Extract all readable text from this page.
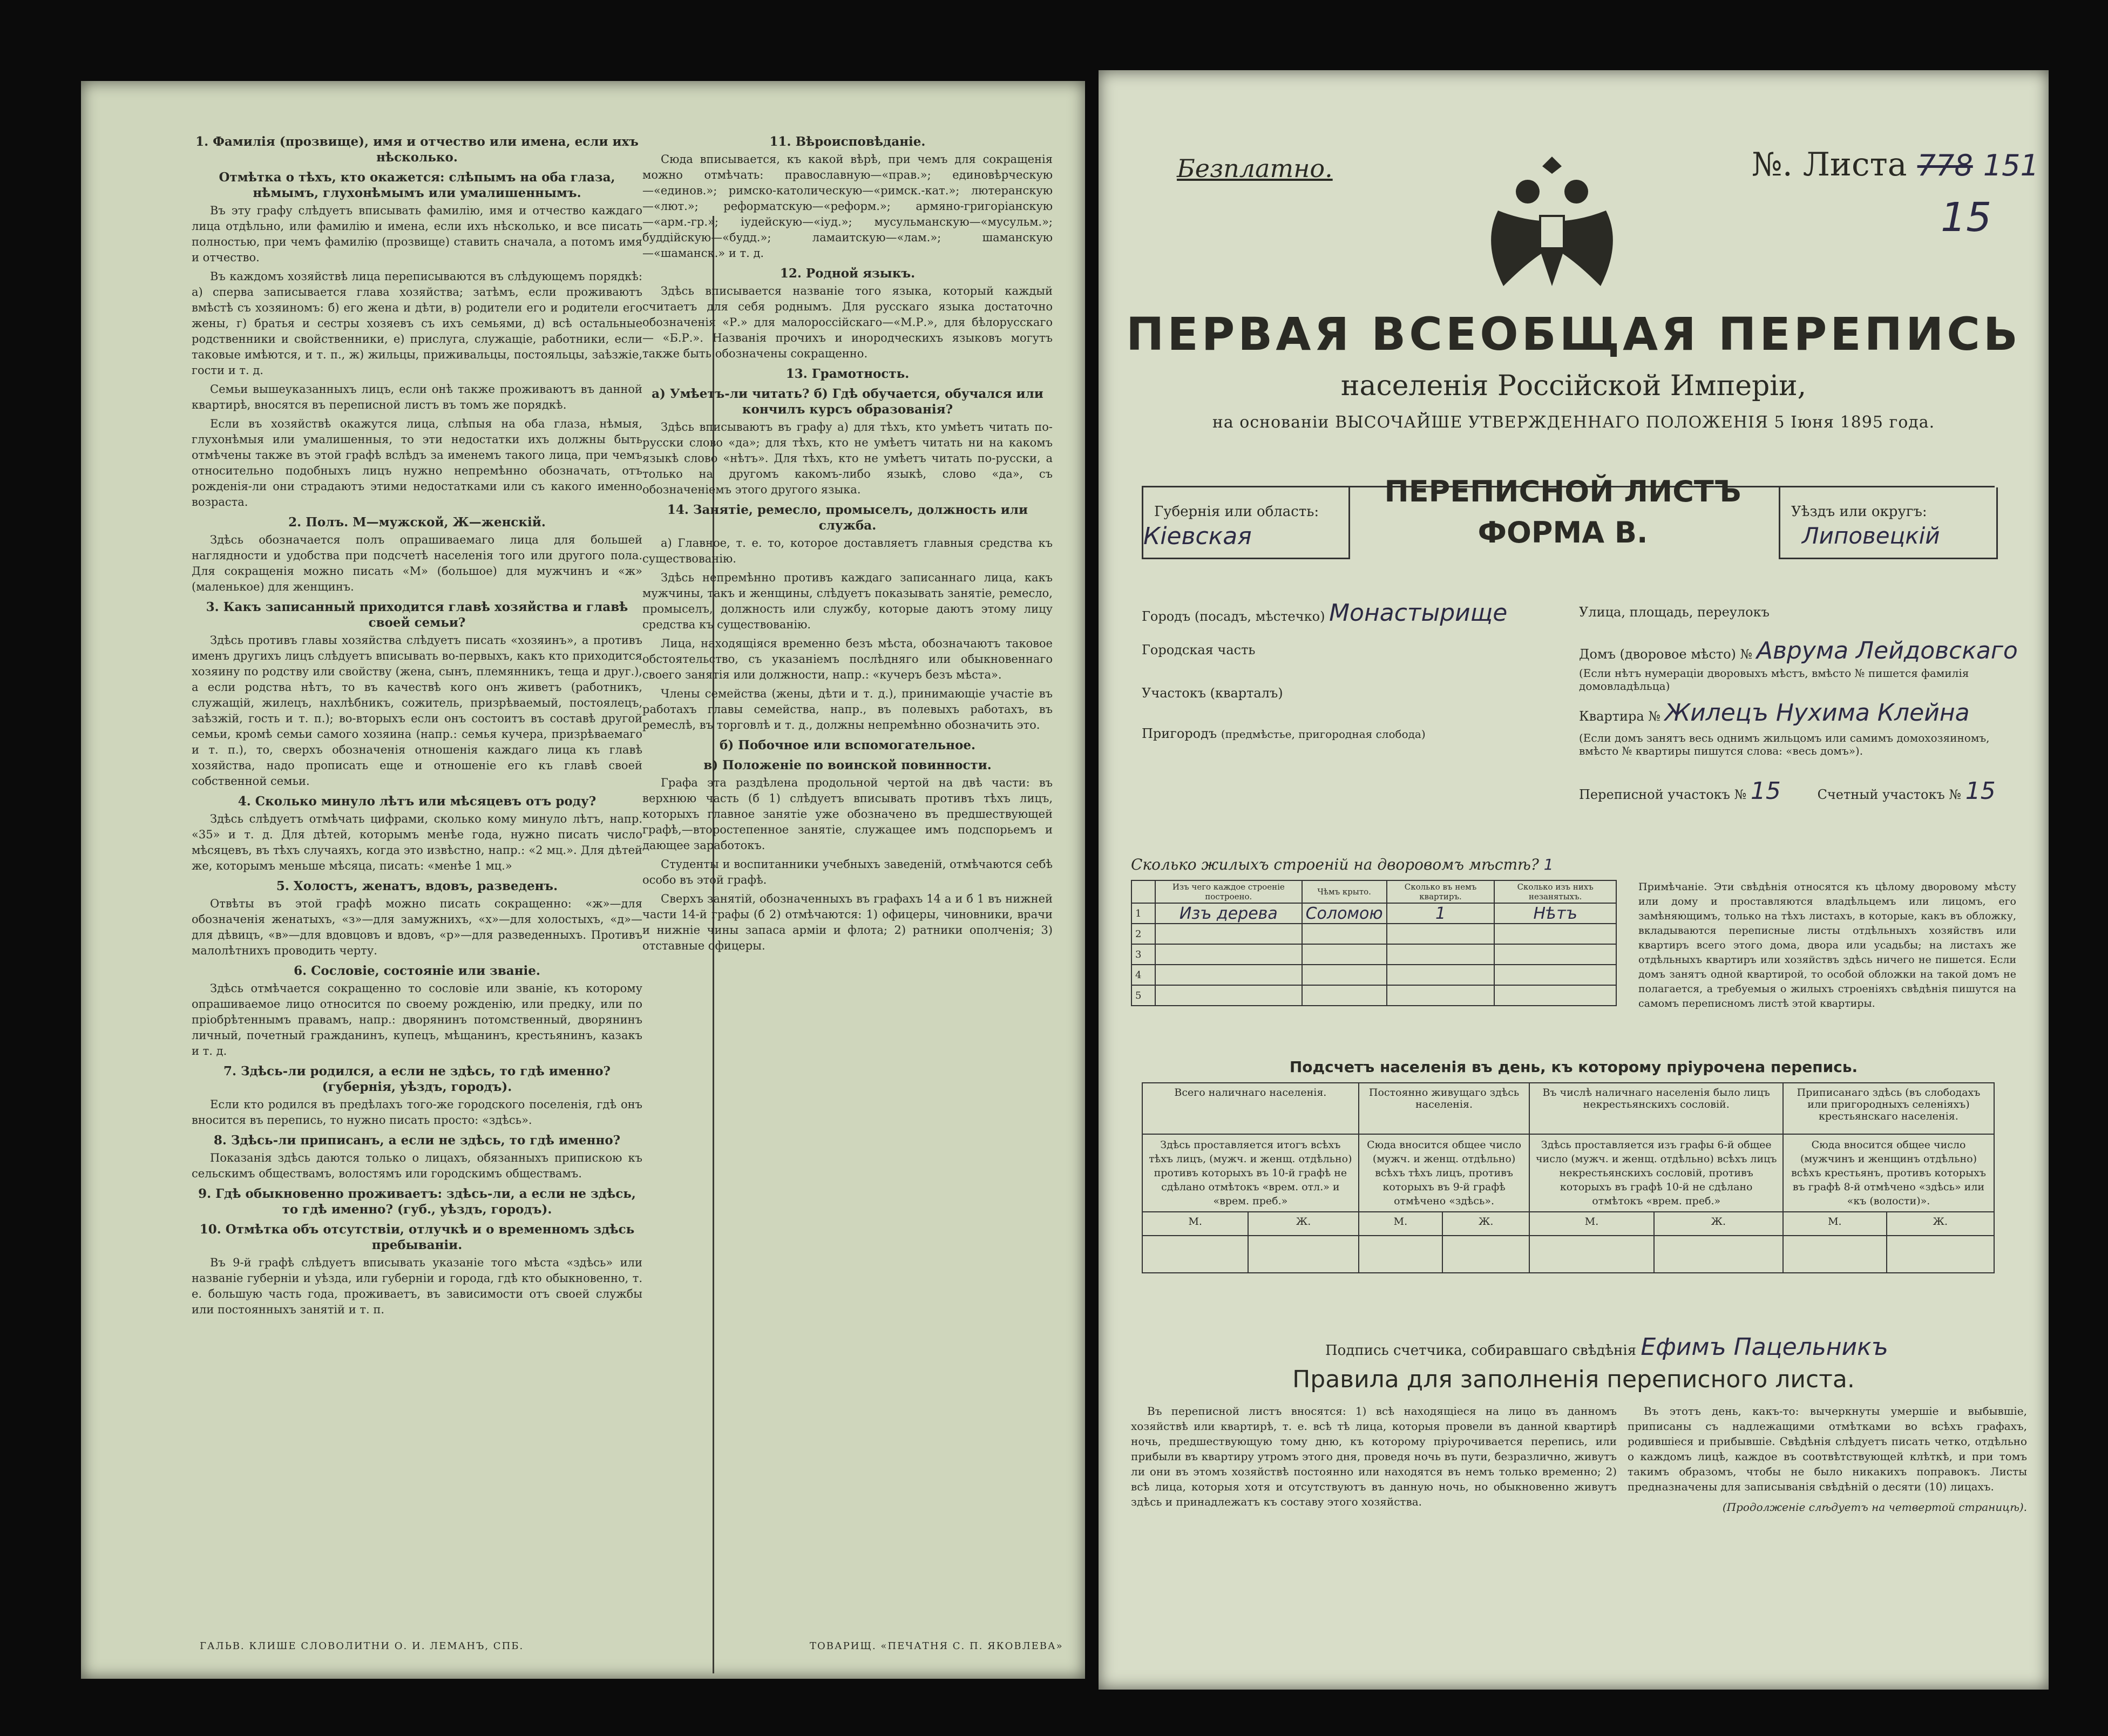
1. Фамилія (прозвище), имя и отчество или имена, если ихъ нѣсколько.
Отмѣтка о тѣхъ, кто окажется: слѣпымъ на оба глаза, нѣмымъ, глухонѣмымъ или умалишеннымъ.

Въ эту графу слѣдуетъ вписывать фамилію, имя и отчество каждаго лица отдѣльно, или фамилію и имена, если ихъ нѣсколько, и все писать полностью, при чемъ фамилію (прозвище) ставить сначала, а потомъ имя и отчество.

Въ каждомъ хозяйствѣ лица переписываются въ слѣдующемъ порядкѣ: а) сперва записывается глава хозяйства; затѣмъ, если проживаютъ вмѣстѣ съ хозяиномъ: б) его жена и дѣти, в) родители его и родители его жены, г) братья и сестры хозяевъ съ ихъ семьями, д) всѣ остальные родственники и свойственники, е) прислуга, служащіе, работники, если таковые имѣются, и т. п., ж) жильцы, приживальцы, постояльцы, заѣзжіе, гости и т. д.

Семьи вышеуказанныхъ лицъ, если онѣ также проживаютъ въ данной квартирѣ, вносятся въ переписной листъ въ томъ же порядкѣ.

Если въ хозяйствѣ окажутся лица, слѣпыя на оба глаза, нѣмыя, глухонѣмыя или умалишенныя, то эти недостатки ихъ должны быть отмѣчены также въ этой графѣ вслѣдъ за именемъ такого лица, при чемъ относительно подобныхъ лицъ нужно непремѣнно обозначать, отъ рожденія-ли они страдаютъ этими недостатками или съ какого именно возраста.

2. Полъ. М—мужской, Ж—женскій.

Здѣсь обозначается полъ опрашиваемаго лица для большей наглядности и удобства при подсчетѣ населенія того или другого пола. Для сокращенія можно писать «М» (большое) для мужчинъ и «ж» (маленькое) для женщинъ.

3. Какъ записанный приходится главѣ хозяйства и главѣ своей семьи?

Здѣсь противъ главы хозяйства слѣдуетъ писать «хозяинъ», а противъ именъ другихъ лицъ слѣдуетъ вписывать во-первыхъ, какъ кто приходится хозяину по родству или свойству (жена, сынъ, племянникъ, теща и друг.), а если родства нѣтъ, то въ качествѣ кого онъ живетъ (работникъ, служащій, жилецъ, нахлѣбникъ, сожитель, призрѣваемый, постоялецъ, заѣзжій, гость и т. п.); во-вторыхъ если онъ состоитъ въ составѣ другой семьи, кромѣ семьи самого хозяина (напр.: семья кучера, призрѣваемаго и т. п.), то, сверхъ обозначенія отношенія каждаго лица къ главѣ хозяйства, надо прописать еще и отношеніе его къ главѣ своей собственной семьи.

4. Сколько минуло лѣтъ или мѣсяцевъ отъ роду?

Здѣсь слѣдуетъ отмѣчать цифрами, сколько кому минуло лѣтъ, напр. «35» и т. д. Для дѣтей, которымъ менѣе года, нужно писать число мѣсяцевъ, въ тѣхъ случаяхъ, когда это извѣстно, напр.: «2 мц.». Для дѣтей же, которымъ меньше мѣсяца, писать: «менѣе 1 мц.»

5. Холостъ, женатъ, вдовъ, разведенъ.

Отвѣты въ этой графѣ можно писать сокращенно: «ж»—для обозначенія женатыхъ, «з»—для замужнихъ, «х»—для холостыхъ, «д»—для дѣвицъ, «в»—для вдовцовъ и вдовъ, «р»—для разведенныхъ. Противъ малолѣтнихъ проводить черту.

6. Сословіе, состояніе или званіе.

Здѣсь отмѣчается сокращенно то сословіе или званіе, къ которому опрашиваемое лицо относится по своему рожденію, или предку, или по пріобрѣтеннымъ правамъ, напр.: дворянинъ потомственный, дворянинъ личный, почетный гражданинъ, купецъ, мѣщанинъ, крестьянинъ, казакъ и т. д.

7. Здѣсь-ли родился, а если не здѣсь, то гдѣ именно? (губернія, уѣздъ, городъ).

Если кто родился въ предѣлахъ того-же городского поселенія, гдѣ онъ вносится въ перепись, то нужно писать просто: «здѣсь».

8. Здѣсь-ли приписанъ, а если не здѣсь, то гдѣ именно?

Показанія здѣсь даются только о лицахъ, обязанныхъ припискою къ сельскимъ обществамъ, волостямъ или городскимъ обществамъ.

9. Гдѣ обыкновенно проживаетъ: здѣсь-ли, а если не здѣсь, то гдѣ именно? (губ., уѣздъ, городъ).
10. Отмѣтка объ отсутствіи, отлучкѣ и о временномъ здѣсь пребываніи.

Въ 9-й графѣ слѣдуетъ вписывать указаніе того мѣста «здѣсь» или названіе губерніи и уѣзда, или губерніи и города, гдѣ кто обыкновенно, т. е. большую часть года, проживаетъ, въ зависимости отъ своей службы или постоянныхъ занятій и т. п.

11. Вѣроисповѣданіе.

Сюда вписывается, къ какой вѣрѣ, при чемъ для сокращенія можно отмѣчать: православную—«прав.»; единовѣрческую—«единов.»; римско-католическую—«римск.-кат.»; лютеранскую—«лют.»; реформатскую—«реформ.»; армяно-григоріанскую—«арм.-гр.»; іудейскую—«іуд.»; мусульманскую—«мусульм.»; буддійскую—«будд.»; ламаитскую—«лам.»; шаманскую—«шаманск.» и т. д.

12. Родной языкъ.

Здѣсь вписывается названіе того языка, который каждый считаетъ для себя роднымъ. Для русскаго языка достаточно обозначенія «Р.» для малороссійскаго—«М.Р.», для бѣлорусскаго — «Б.Р.». Названія прочихъ и инородческихъ языковъ могутъ также быть обозначены сокращенно.

13. Грамотность.
а) Умѣетъ-ли читать? б) Гдѣ обучается, обучался или кончилъ курсъ образованія?

Здѣсь вписываютъ въ графу а) для тѣхъ, кто умѣетъ читать по-русски слово «да»; для тѣхъ, кто не умѣетъ читать ни на какомъ языкѣ слово «нѣтъ». Для тѣхъ, кто не умѣетъ читать по-русски, а только на другомъ какомъ-либо языкѣ, слово «да», съ обозначеніемъ этого другого языка.

14. Занятіе, ремесло, промыселъ, должность или служба.

а) Главное, т. е. то, которое доставляетъ главныя средства къ существованію.

Здѣсь непремѣнно противъ каждаго записаннаго лица, какъ мужчины, такъ и женщины, слѣдуетъ показывать занятіе, ремесло, промыселъ, должность или службу, которые даютъ этому лицу средства къ существованію.

Лица, находящіяся временно безъ мѣста, обозначаютъ таковое обстоятельство, съ указаніемъ послѣдняго или обыкновеннаго своего занятія или должности, напр.: «кучеръ безъ мѣста».

Члены семейства (жены, дѣти и т. д.), принимающіе участіе въ работахъ главы семейства, напр., въ полевыхъ работахъ, въ ремеслѣ, въ торговлѣ и т. д., должны непремѣнно обозначить это.

б) Побочное или вспомогательное.
в) Положеніе по воинской повинности.

Графа эта раздѣлена продольной чертой на двѣ части: въ верхнюю часть (б 1) слѣдуетъ вписывать противъ тѣхъ лицъ, которыхъ главное занятіе уже обозначено въ предшествующей графѣ,—второстепенное занятіе, служащее имъ подспорьемъ и дающее заработокъ.

Студенты и воспитанники учебныхъ заведеній, отмѣчаются себѣ особо въ этой графѣ.

Сверхъ занятій, обозначенныхъ въ графахъ 14 а и б 1 въ нижней части 14-й графы (б 2) отмѣчаются: 1) офицеры, чиновники, врачи и нижніе чины запаса армiи и флота; 2) ратники ополченія; 3) отставные офицеры.

ГАЛЬВ. КЛИШЕ СЛОВОЛИТНИ О. И. ЛЕМАНЪ, СПБ.	ТОВАРИЩ. «ПЕЧАТНЯ С. П. ЯКОВЛЕВА»
Безплатно.	№. Листа 778 151
15
ПЕРВАЯ ВСЕОБЩАЯ ПЕРЕПИСЬ
населенія Россійской Имперіи,
на основаніи ВЫСОЧАЙШЕ УТВЕРЖДЕННАГО ПОЛОЖЕНІЯ 5 Іюня 1895 года.
Губернія или область:
Кіевская
ПЕРЕПИСНОЙ ЛИСТЪ
ФОРМА В.
Уѣздъ или округъ:
Липовецкій
Городъ (посадъ, мѣстечко) Монастырище
Городская часть
Участокъ (кварталъ)
Пригородъ (предмѣстье, пригородная слобода)
Улица, площадь, переулокъ
Домъ (дворовое мѣсто) № Аврума Лейдовскаго
(Если нѣтъ нумераціи дворовыхъ мѣстъ, вмѣсто № пишется фамилія домовладѣльца)
Квартира № Жилецъ Нухима Клейна
(Если домъ занятъ весь однимъ жильцомъ или самимъ домохозяиномъ, вмѣсто № квартиры пишутся слова: «весь домъ»).
Переписной участокъ № 15	Счетный участокъ № 15
Сколько жилыхъ строеній на дворовомъ мѣстѣ? 1
	Изъ чего каждое строеніе построено.	Чѣмъ крыто.	Сколько въ немъ квартиръ.	Сколько изъ нихъ незанятыхъ.
1	Изъ дерева	Соломою	1	Нѣтъ
2				
3				
4				
5				
Примѣчаніе. Эти свѣдѣнія относятся къ цѣлому дворовому мѣсту или дому и проставляются владѣльцемъ или лицомъ, его замѣняющимъ, только на тѣхъ листахъ, в которые, какъ въ обложку, вкладываются переписные листы отдѣльныхъ хозяйствъ или квартиръ всего этого дома, двора или усадьбы; на листахъ же отдѣльныхъ квартиръ или хозяйствъ здѣсь ничего не пишется. Если домъ занятъ одной квартирой, то особой обложки на такой домъ не полагается, а требуемыя о жилыхъ строеніяхъ свѣдѣнія пишутся на самомъ переписномъ листѣ этой квартиры.
Подсчетъ населенія въ день, къ которому пріурочена перепись.
Всего наличнаго населенія.		Постоянно живущаго здѣсь населенія.		Въ числѣ наличнаго населенія было лицъ некрестьянскихъ сословій.		Приписанаго здѣсь (въ слободахъ или пригородныхъ селеніяхъ) крестьянскаго населенія.	
Здѣсь проставляется итогъ всѣхъ тѣхъ лицъ, (мужч. и женщ. отдѣльно) противъ которыхъ въ 10-й графѣ не сдѣлано отмѣтокъ «врем. отл.» и «врем. преб.»		Сюда вносится общее число (мужч. и женщ. отдѣльно) всѣхъ тѣхъ лицъ, противъ которыхъ въ 9-й графѣ отмѣчено «здѣсь».		Здѣсь проставляется изъ графы 6-й общее число (мужч. и женщ. отдѣльно) всѣхъ лицъ некрестьянскихъ сословій, противъ которыхъ въ графѣ 10-й не сдѣлано отмѣтокъ «врем. преб.»		Сюда вносится общее число (мужчинъ и женщинъ отдѣльно) всѣхъ крестьянъ, противъ которыхъ въ графѣ 8-й отмѣчено «здѣсь» или «къ (волости)».	
М.	Ж.	М.	Ж.	М.	Ж.	М.	Ж.

Подпись счетчика, собиравшаго свѣдѣнія Ефимъ Пацельникъ
Правила для заполненія переписного листа.

Въ переписной листъ вносятся: 1) всѣ находящіеся на лицо въ данномъ хозяйствѣ или квартирѣ, т. е. всѣ тѣ лица, которыя провели въ данной квартирѣ ночь, предшествующую тому дню, къ которому пріурочивается перепись, или прибыли въ квартиру утромъ этого дня, проведя ночь въ пути, безразлично, живутъ ли они въ этомъ хозяйствѣ постоянно или находятся въ немъ только временно; 2) всѣ лица, которыя хотя и отсутствуютъ въ данную ночь, но обыкновенно живутъ здѣсь и принадлежатъ къ составу этого хозяйства.

Въ этотъ день, какъ-то: вычеркнуты умершіе и выбывшіе, приписаны съ надлежащими отмѣтками во всѣхъ графахъ, родившіеся и прибывшіе. Свѣдѣнія слѣдуетъ писать четко, отдѣльно о каждомъ лицѣ, каждое въ соотвѣтствующей клѣткѣ, и при томъ такимъ образомъ, чтобы не было никакихъ поправокъ. Листы предназначены для записыванія свѣдѣній о десяти (10) лицахъ.

(Продолженіе слѣдуетъ на четвертой страницѣ).
